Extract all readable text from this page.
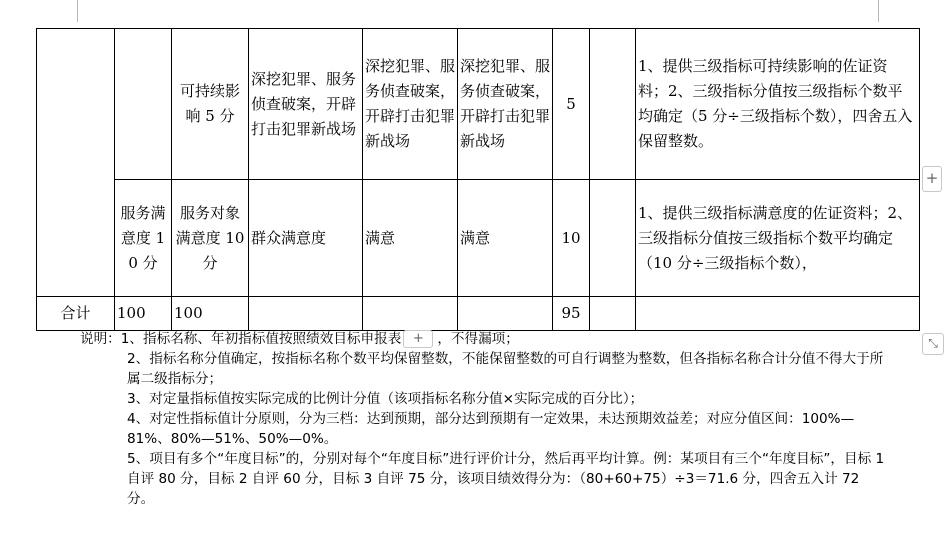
		可持续影响 5 分	深挖犯罪、服务侦查破案，开辟打击犯罪新战场	深挖犯罪、服务侦查破案，开辟打击犯罪新战场	深挖犯罪、服务侦查破案，开辟打击犯罪新战场	5		1、提供三级指标可持续影响的佐证资料；2、三级指标分值按三级指标个数平均确定（5 分÷三级指标个数），四舍五入保留整数。
	服务满意度 10 分	服务对象满意度 10 分	群众满意度	满意	满意	10		1、提供三级指标满意度的佐证资料；2、三级指标分值按三级指标个数平均确定（10 分÷三级指标个数），
合计	100	100				95		
+
⤡
说明：1、指标名称、年初指标值按照绩效目标申报表 + ，不得漏项；
2、指标名称分值确定，按指标名称个数平均保留整数，不能保留整数的可自行调整为整数，但各指标名称合计分值不得大于所属二级指标分；
3、对定量指标值按实际完成的比例计分值（该项指标名称分值×实际完成的百分比）；
4、对定性指标值计分原则，分为三档：达到预期，部分达到预期有一定效果，未达预期效益差；对应分值区间：100%—81%、80%—51%、50%—0%。
5、项目有多个“年度目标”的，分别对每个“年度目标”进行评价计分，然后再平均计算。例：某项目有三个“年度目标”，目标 1 自评 80 分，目标 2 自评 60 分，目标 3 自评 75 分，该项目绩效得分为：（80+60+75）÷3＝71.6 分，四舍五入计 72 分。
